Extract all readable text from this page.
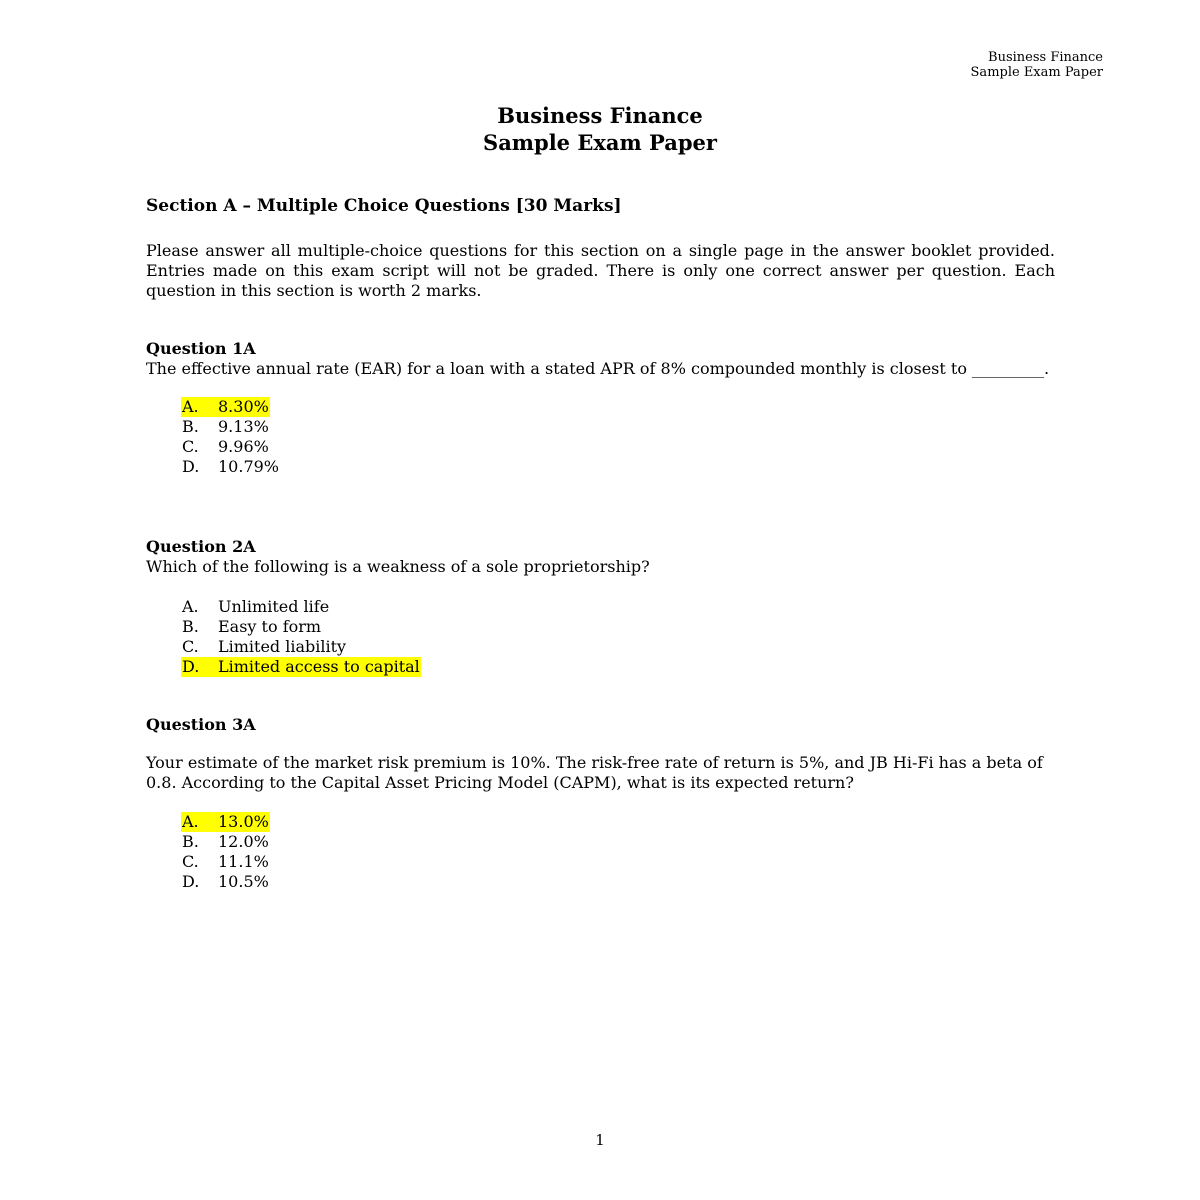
Business Finance
Sample Exam Paper
Business Finance
Sample Exam Paper
Section A – Multiple Choice Questions [30 Marks]

Please answer all multiple-choice questions for this section on a single page in the answer booklet provided. Entries made on this exam script will not be graded. There is only one correct answer per question. Each question in this section is worth 2 marks.

Question 1A

The effective annual rate (EAR) for a loan with a stated APR of 8% compounded monthly is closest to _________.

A. 8.30%
B. 9.13%
C. 9.96%
D. 10.79%
Question 2A

Which of the following is a weakness of a sole proprietorship?

A. Unlimited life
B. Easy to form
C. Limited liability
D. Limited access to capital
Question 3A

Your estimate of the market risk premium is 10%. The risk-free rate of return is 5%, and JB Hi-Fi has a beta of 0.8. According to the Capital Asset Pricing Model (CAPM), what is its expected return?

A. 13.0%
B. 12.0%
C. 11.1%
D. 10.5%
1
